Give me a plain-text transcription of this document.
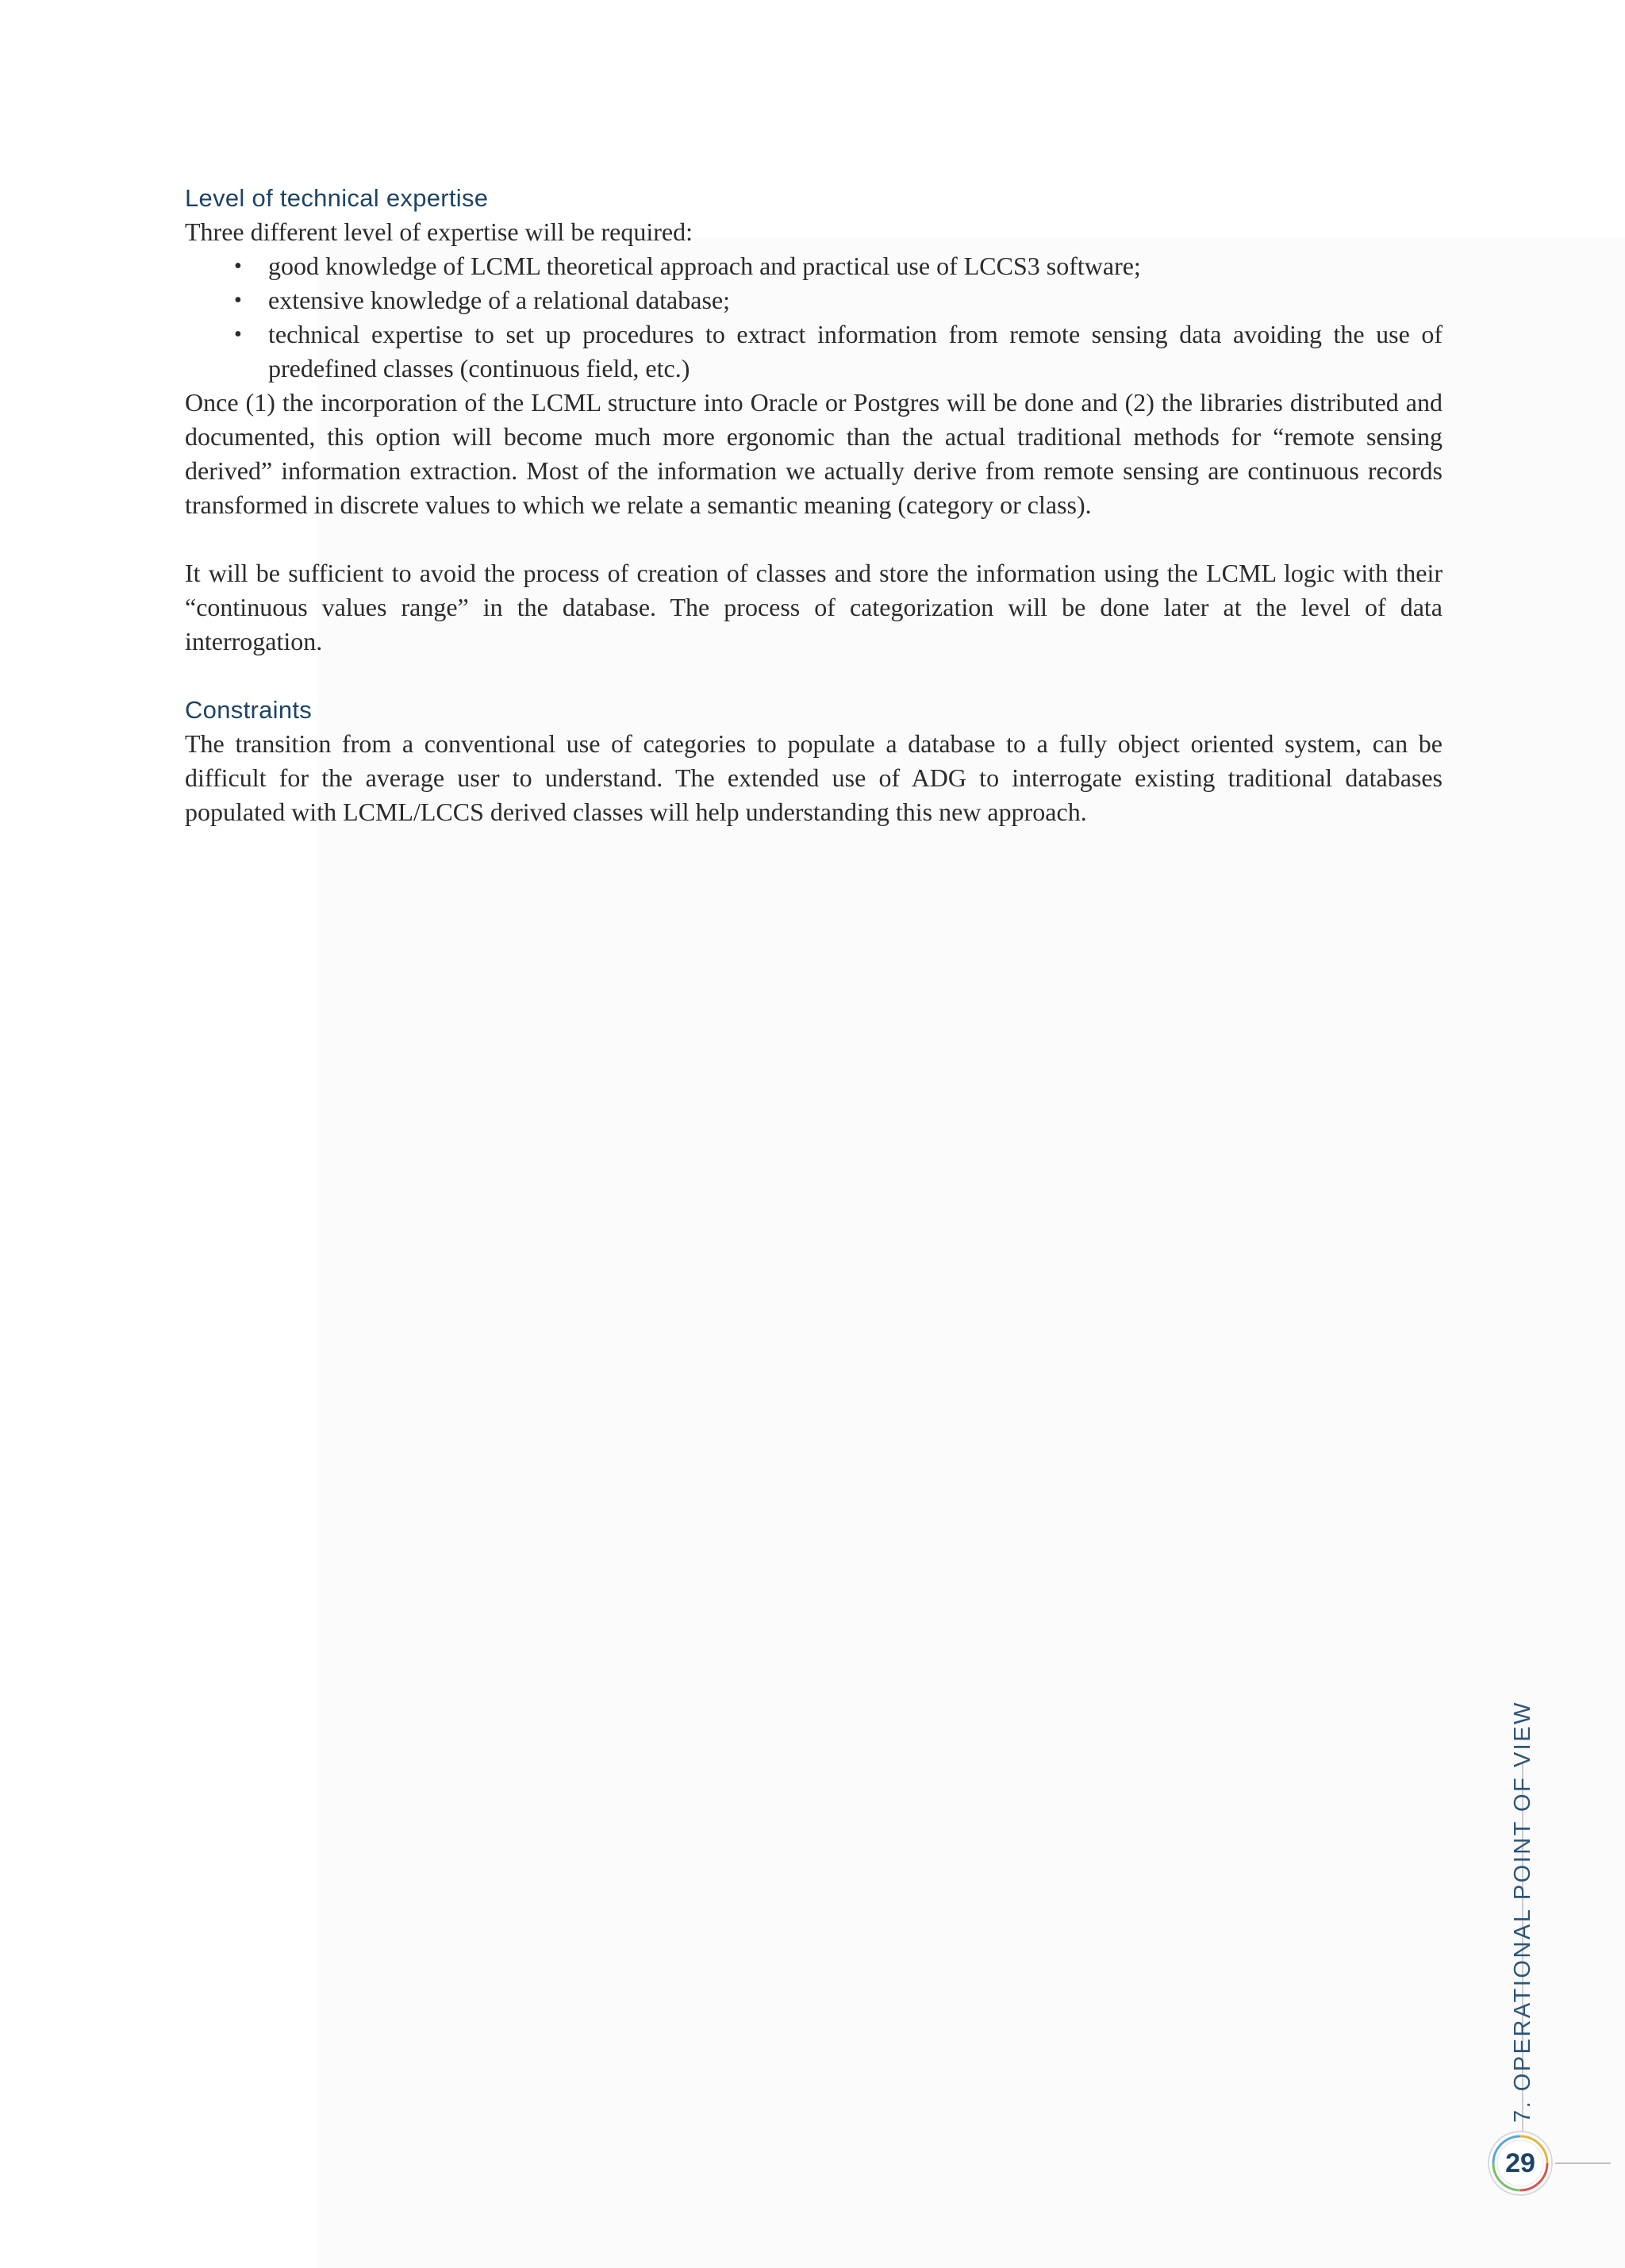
Level of technical expertise

Three different level of expertise will be required:

• good knowledge of LCML theoretical approach and practical use of LCCS3 software;
• extensive knowledge of a relational database;
• technical expertise to set up procedures to extract information from remote sensing data avoiding the use of predefined classes (continuous field, etc.)

Once (1) the incorporation of the LCML structure into Oracle or Postgres will be done and (2) the libraries distributed and documented, this option will become much more ergonomic than the actual traditional methods for “remote sensing derived” information extraction. Most of the information we actually derive from remote sensing are continuous records transformed in discrete values to which we relate a semantic meaning (category or class).

It will be sufficient to avoid the process of creation of classes and store the information using the LCML logic with their “continuous values range” in the database. The process of categorization will be done later at the level of data interrogation.

Constraints

The transition from a conventional use of categories to populate a database to a fully object oriented system, can be difficult for the average user to understand. The extended use of ADG to interrogate existing traditional databases populated with LCML/LCCS derived classes will help understanding this new approach.

7. OPERATIONAL POINT OF VIEW
29
